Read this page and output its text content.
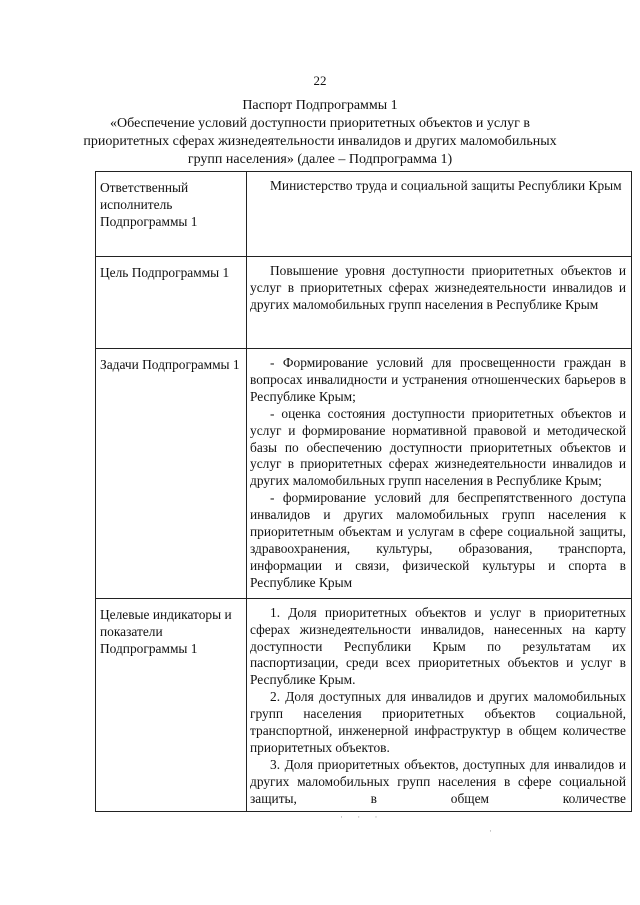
22
Паспорт Подпрограммы 1
«Обеспечение условий доступности приоритетных объектов и услуг в
приоритетных сферах жизнедеятельности инвалидов и других маломобильных
групп населения» (далее – Подпрограмма 1)
Ответственный исполнитель Подпрограммы 1	Министерство труда и социальной защиты Республики Крым

Цель Подпрограммы 1	Повышение уровня доступности приоритетных объектов и услуг в приоритетных сферах жизнедеятельности инвалидов и других маломобильных групп населения в Республике Крым

Задачи Подпрограммы 1	- Формирование условий для просвещенности граждан в вопросах инвалидности и устранения отношенческих барьеров в Республике Крым;

- оценка состояния доступности приоритетных объектов и услуг и формирование нормативной правовой и методической базы по обеспечению доступности приоритетных объектов и услуг в приоритетных сферах жизнедеятельности инвалидов и других маломобильных групп населения в Республике Крым;

- формирование условий для беспрепятственного доступа инвалидов и других маломобильных групп населения к приоритетным объектам и услугам в сфере социальной защиты, здравоохранения, культуры, образования, транспорта, информации и связи, физической культуры и спорта в Республике Крым

Целевые индикаторы и показатели Подпрограммы 1	1. Доля приоритетных объектов и услуг в приоритетных сферах жизнедеятельности инвалидов, нанесенных на карту доступности Республики Крым по результатам их паспортизации, среди всех приоритетных объектов и услуг в Республике Крым.

2. Доля доступных для инвалидов и других маломобильных групп населения приоритетных объектов социальной, транспортной, инженерной инфраструктур в общем количестве приоритетных объектов.

3. Доля приоритетных объектов, доступных для инвалидов и других маломобильных групп населения в сфере социальной защиты, в общем количестве

· · ·
·
